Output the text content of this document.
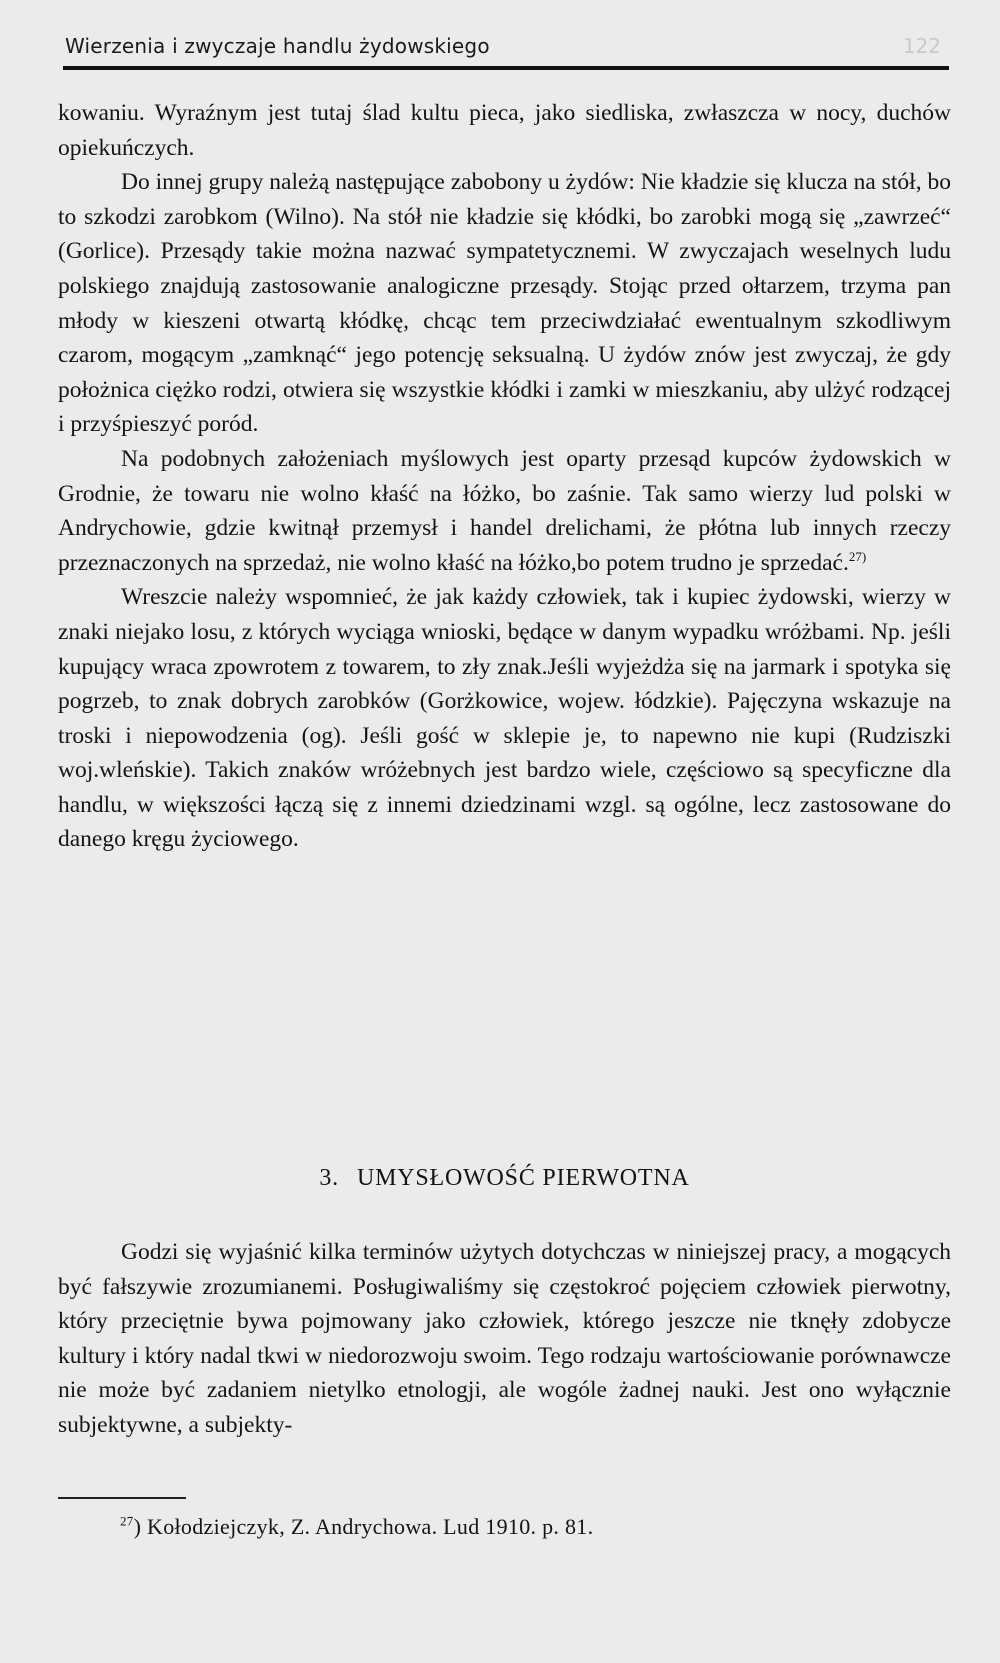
Wierzenia i zwyczaje handlu żydowskiego	122

kowaniu. Wyraźnym jest tutaj ślad kultu pieca, jako siedliska, zwłaszcza w nocy, duchów opiekuńczych.

Do innej grupy należą następujące zabobony u żydów: Nie kładzie się klucza na stół, bo to szkodzi zarobkom (Wilno). Na stół nie kładzie się kłódki, bo zarobki mogą się „zawrzeć“ (Gorlice). Przesądy takie można nazwać sympatetycznemi. W zwyczajach weselnych ludu polskiego znajdują zastosowanie analogiczne przesądy. Stojąc przed ołtarzem, trzyma pan młody w kieszeni otwartą kłódkę, chcąc tem przeciwdziałać ewentualnym szkodliwym czarom, mogącym „zamknąć“ jego potencję seksualną. U żydów znów jest zwyczaj, że gdy położnica ciężko rodzi, otwiera się wszystkie kłódki i zamki w mieszkaniu, aby ulżyć rodzącej i przyśpieszyć poród.

Na podobnych założeniach myślowych jest oparty przesąd kupców żydowskich w Grodnie, że towaru nie wolno kłaść na łóżko, bo zaśnie. Tak samo wierzy lud polski w Andrychowie, gdzie kwitnął przemysł i handel drelichami, że płótna lub innych rzeczy przeznaczonych na sprzedaż, nie wolno kłaść na łóżko,bo potem trudno je sprzedać.$^{27)}$

Wreszcie należy wspomnieć, że jak każdy człowiek, tak i kupiec żydowski, wierzy w znaki niejako losu, z których wyciąga wnioski, będące w danym wypadku wróżbami. Np. jeśli kupujący wraca zpowrotem z towarem, to zły znak.Jeśli wyjeżdża się na jarmark i spotyka się pogrzeb, to znak dobrych zarobków (Gorżkowice, wojew. łódzkie). Pajęczyna wskazuje na troski i niepowodzenia (og). Jeśli gość w sklepie je, to napewno nie kupi (Rudziszki woj.wleńskie). Takich znaków wróżebnych jest bardzo wiele, częściowo są specyficzne dla handlu, w większości łączą się z innemi dziedzinami wzgl. są ogólne, lecz zastosowane do danego kręgu życiowego.

3. UMYSŁOWOŚĆ PIERWOTNA

Godzi się wyjaśnić kilka terminów użytych dotychczas w niniejszej pracy, a mogących być fałszywie zrozumianemi. Posługiwaliśmy się częstokroć pojęciem człowiek pierwotny, który przeciętnie bywa pojmowany jako człowiek, którego jeszcze nie tknęły zdobycze kultury i który nadal tkwi w niedorozwoju swoim. Tego rodzaju wartościowanie porównawcze nie może być zadaniem nietylko etnologji, ale wogóle żadnej nauki. Jest ono wyłącznie subjektywne, a subjekty-

$^{27}$) Kołodziejczyk, Z. Andrychowa. Lud 1910. p. 81.
